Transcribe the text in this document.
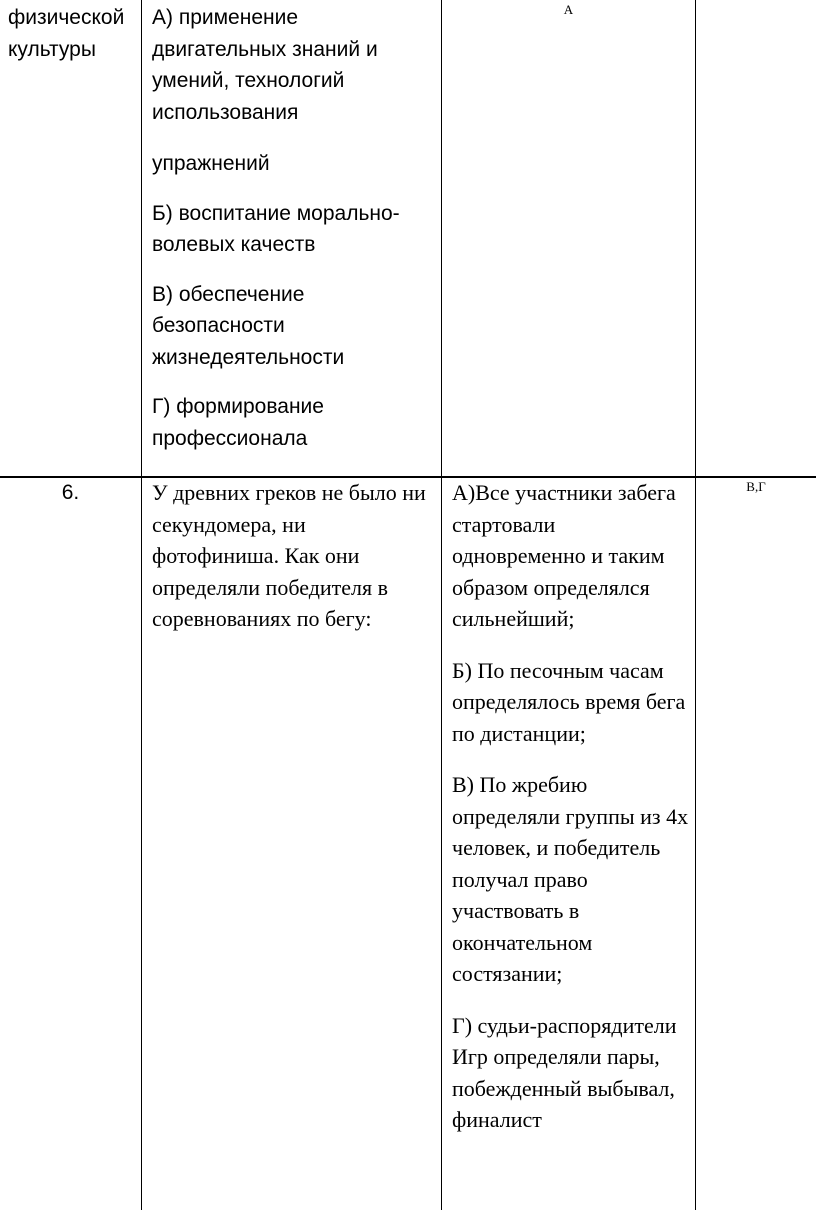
физической культуры

А) применение двигательных знаний и умений, технологий использования

упражнений

Б) воспитание морально-волевых качеств

В) обеспечение безопасности жизнедеятельности

Г) формирование профессионала

А
6.	У древних греков не было ни секундомера, ни фотофиниша. Как они определяли победителя в соревнованиях по бегу:

А)Все участники забега стартовали одновременно и таким образом определялся сильнейший;

Б) По песочным часам определялось время бега по дистанции;

В) По жребию определяли группы из 4х человек, и победитель получал право участвовать в окончательном состязании;

Г) судьи-распорядители Игр определяли пары, побежденный выбывал, финалист

В,Г
